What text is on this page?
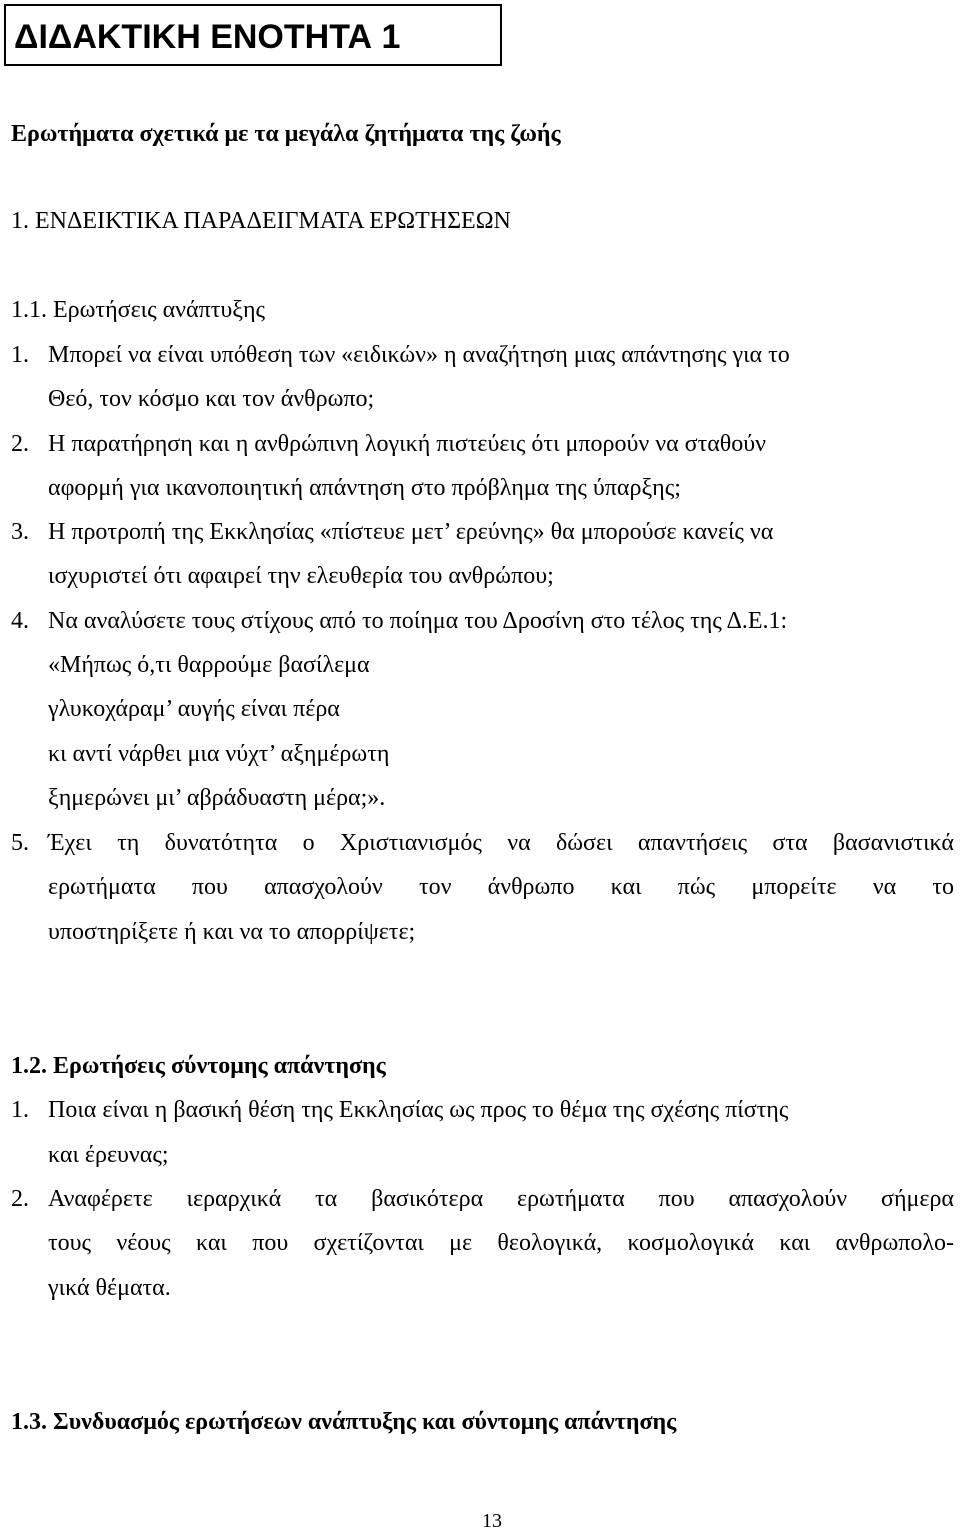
ΔΙΔΑΚΤΙΚΗ ΕΝΟΤΗΤΑ 1
Ερωτήματα σχετικά με τα μεγάλα ζητήματα της ζωής
1. ΕΝΔΕΙΚΤΙΚΑ ΠΑΡΑΔΕΙΓΜΑΤΑ ΕΡΩΤΗΣΕΩΝ
1.1. Ερωτήσεις ανάπτυξης
1. Μπορεί να είναι υπόθεση των «ειδικών» η αναζήτηση μιας απάντησης για το
Θεό, τον κόσμο και τον άνθρωπο;
2. Η παρατήρηση και η ανθρώπινη λογική πιστεύεις ότι μπορούν να σταθούν
αφορμή για ικανοποιητική απάντηση στο πρόβλημα της ύπαρξης;
3. Η προτροπή της Εκκλησίας «πίστευε μετ’ ερεύνης» θα μπορούσε κανείς να
ισχυριστεί ότι αφαιρεί την ελευθερία του ανθρώπου;
4. Να αναλύσετε τους στίχους από το ποίημα του Δροσίνη στο τέλος της Δ.Ε.1:
«Μήπως ό,τι θαρρούμε βασίλεμα
γλυκοχάραμ’ αυγής είναι πέρα
κι αντί νάρθει μια νύχτ’ αξημέρωτη
ξημερώνει μι’ αβράδυαστη μέρα;».
5. Έχει τη δυνατότητα ο Χριστιανισμός να δώσει απαντήσεις στα βασανιστικά
ερωτήματα που απασχολούν τον άνθρωπο και πώς μπορείτε να το
υποστηρίξετε ή και να το απορρίψετε;
1.2. Ερωτήσεις σύντομης απάντησης
1. Ποια είναι η βασική θέση της Εκκλησίας ως προς το θέμα της σχέσης πίστης
και έρευνας;
2. Αναφέρετε ιεραρχικά τα βασικότερα ερωτήματα που απασχολούν σήμερα
τους νέους και που σχετίζονται με θεολογικά, κοσμολογικά και ανθρωπολο-
γικά θέματα.
1.3. Συνδυασμός ερωτήσεων ανάπτυξης και σύντομης απάντησης
13
